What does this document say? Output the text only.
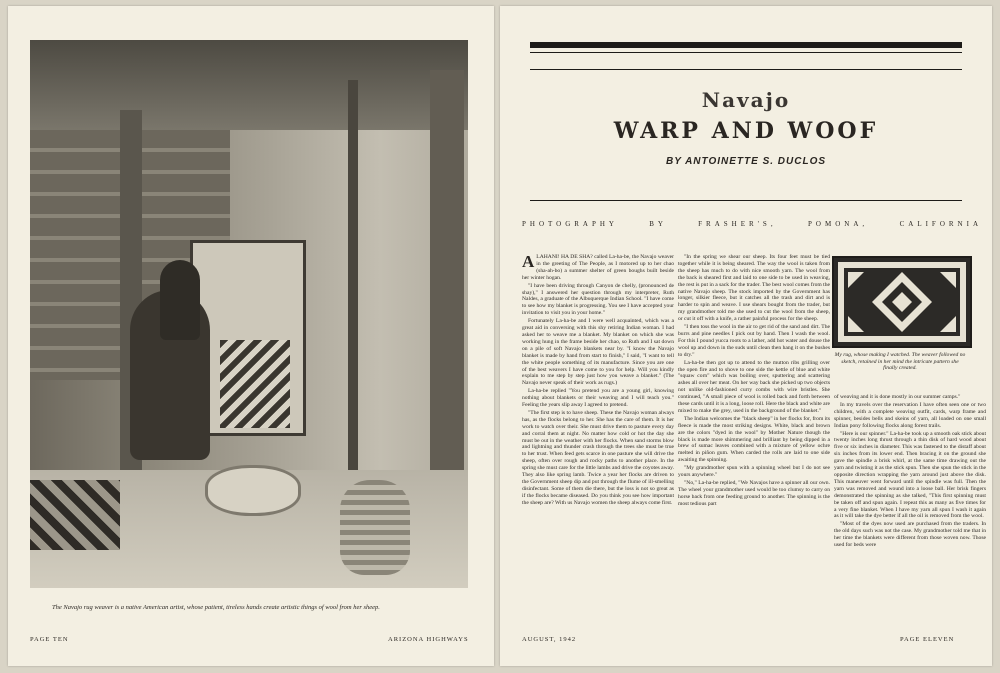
The Navajo rug weaver is a native American artist, whose patient, tireless hands create artistic things of wool from her sheep.
PAGE TEN	ARIZONA HIGHWAYS
Navajo
WARP AND WOOF
BY ANTOINETTE S. DUCLOS
PHOTOGRAPHY BY FRASHER'S, POMONA, CALIFORNIA
A LAHANI! HA DE SHA? called La-ha-be, the Navajo weaver in the greeting of The People, as I motored up to her chao (sha-ah-bo) a summer shelter of green boughs built beside her winter hogan.

"I have been driving through Canyon de chelly, (pronounced de shay)," I answered her question through my interpreter, Ruth Naldes, a graduate of the Albuquerque Indian School. "I have come to see how my blanket is progressing. You see I have accepted your invitation to visit you in your home."

Fortunately La-ha-be and I were well acquainted, which was a great aid in conversing with this shy retiring Indian woman. I had asked her to weave me a blanket. My blanket on which she was working hung in the frame beside her chao, so Ruth and I sat down on a pile of soft Navajo blankets near by. "I know the Navajo blanket is made by hand from start to finish," I said, "I want to tell the white people something of its manufacture. Since you are one of the best weavers I have come to you for help. Will you kindly explain to me step by step just how you weave a blanket." (The Navajo never speak of their work as rugs.)

La-ha-be replied "You pretend you are a young girl, knowing nothing about blankets or their weaving and I will teach you." Feeling the years slip away I agreed to pretend.

"The first step is to have sheep. These the Navajo woman always has, as the flocks belong to her. She has the care of them. It is her work to watch over their. She must drive them to pasture every day and corral them at night. No matter how cold or hot the day she must be out in the weather with her flocks. When sand storms blow and lightning and thunder crash through the trees she must be true to her trust. When feed gets scarce in one pasture she will drive the sheep, often over rough and rocky paths to another place. In the spring she must care for the little lambs and drive the coyotes away. They also like spring lamb. Twice a year her flocks are driven to the Government sheep dip and put through the flume of ill-smelling disinfectant. Some of them die there, but the loss is not so great as if the flocks became diseased. Do you think you see how important the sheep are? With us Navajo women the sheep always come first.

"In the spring we shear our sheep. Its four feet must be tied together while it is being sheared. The way the wool is taken from the sheep has much to do with nice smooth yarn. The wool from the back is sheared first and laid to one side to be used in weaving, the rest is put in a sack for the trader. The best wool comes from the native Navajo sheep. The stock imported by the Government has longer, silkier fleece, but it catches all the trash and dirt and is harder to spin and weave. I use shears bought from the trader, but my grandmother told me she used to cut the wool from the sheep, or cut it off with a knife, a rather painful process for the sheep.

"I then toss the wool in the air to get rid of the sand and dirt. The burrs and pine needles I pick out by hand. Then I wash the wool. For this I pound yucca roots to a lather, add hot water and douse the wool up and down in the suds until clean then hang it on the bushes to dry."

La-ha-be then got up to attend to the mutton ribs grilling over the open fire and to shove to one side the kettle of blue and white "squaw corn" which was boiling over, sputtering and scattering ashes all over her meat. On her way back she picked up two objects not unlike old-fashioned curry combs with wire bristles. She continued, "A small piece of wool is rolled back and forth between these cards until it is a long, loose roll. Here the black and white are mixed to make the grey, used in the background of the blanket."

The Indian welcomes the "black sheep" in her flocks for, from its fleece is made the most striking designs. White, black and brown are the colors "dyed in the wool" by Mother Nature though the black is made more shimmering and brilliant by being dipped in a brew of sumac leaves combined with a mixture of yellow ochre melted in piñon gum. When carded the rolls are laid to one side awaiting the spinning.

"My grandmother spun with a spinning wheel but I do not see yours anywhere."

"No," La-ha-be replied, "We Navajos have a spinner all our own. The wheel your grandmother used would be too clumsy to carry on horse back from one feeding ground to another. The spinning is the most tedious part

My rug, whose making I watched. The weaver followed no sketch, retained in her mind the intricate pattern she finally created.

of weaving and it is done mostly in our summer camps."

In my travels over the reservation I have often seen one or two children, with a complete weaving outfit, cards, warp frame and spinner, besides bells and skeins of yarn, all loaded on one small Indian pony following flocks along forest trails.

"Here is our spinner." La-ha-be took up a smooth oak stick about twenty inches long thrust through a thin disk of hard wood about five or six inches in diameter. This was fastened to the distaff about six inches from its lower end. Then bracing it on the ground she gave the spindle a brisk whirl, at the same time drawing out the yarn and twisting it as the stick spun. Then she spun the stick in the opposite direction wrapping the yarn around just above the disk. This maneuver went forward until the spindle was full. Then the yarn was removed and wound into a loose ball. Her brisk fingers demonstrated the spinning as she talked, "This first spinning must be taken off and spun again. I repeat this as many as five times for a very fine blanket. When I have my yarn all spun I wash it again as it will take the dye better if all the oil is removed from the wool.

"Most of the dyes now used are purchased from the traders. In the old days such was not the case. My grandmother told me that in her time the blankets were different from those woven now. Those used for beds were

AUGUST, 1942	PAGE ELEVEN
